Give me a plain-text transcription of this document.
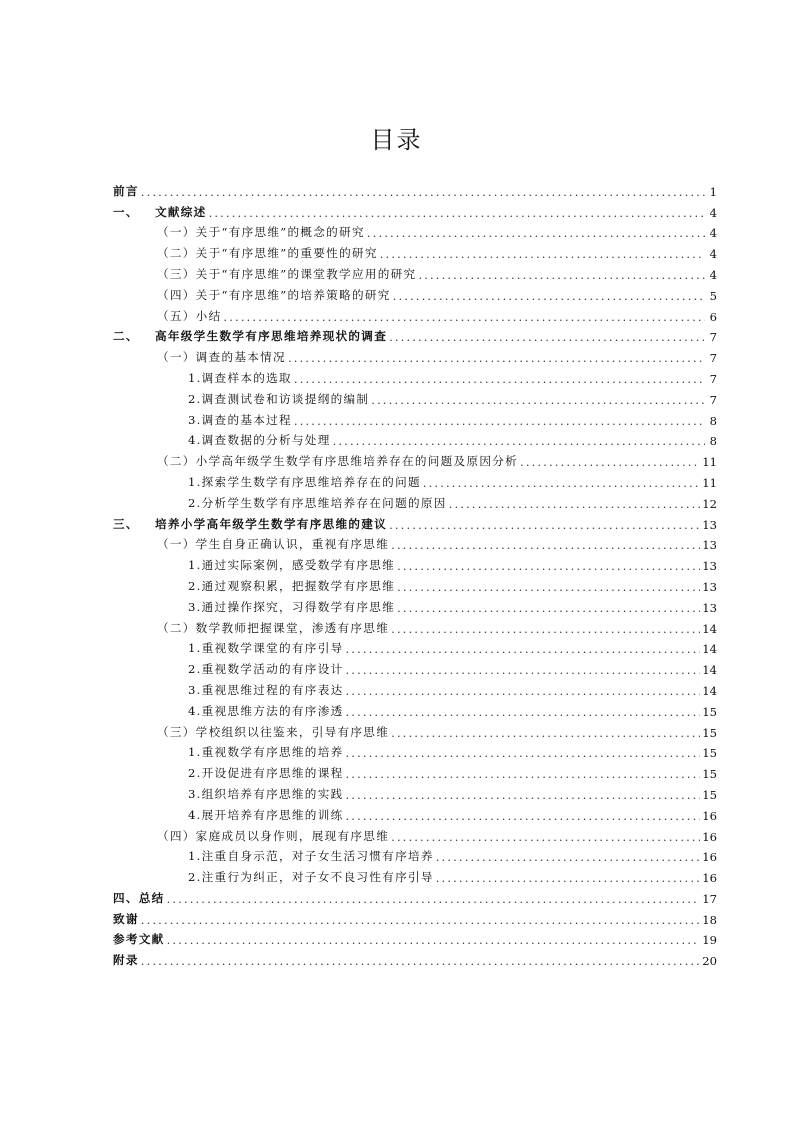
目录
前言 .....	1
一、 文献综述 .....	4
（一）关于“有序思维”的概念的研究 .....	4
（二）关于“有序思维”的重要性的研究 .....	4
（三）关于“有序思维”的课堂教学应用的研究 .....	4
（四）关于“有序思维”的培养策略的研究 .....	5
（五）小结 .....	6
二、 高年级学生数学有序思维培养现状的调查 .....	7
（一）调查的基本情况 .....	7
1.调查样本的选取 .....	7
2.调查测试卷和访谈提纲的编制 .....	7
3.调查的基本过程 .....	8
4.调查数据的分析与处理 .....	8
（二）小学高年级学生数学有序思维培养存在的问题及原因分析 .....	11
1.探索学生数学有序思维培养存在的问题 .....	11
2.分析学生数学有序思维培养存在问题的原因 .....	12
三、 培养小学高年级学生数学有序思维的建议 .....	13
（一）学生自身正确认识，重视有序思维 .....	13
1.通过实际案例，感受数学有序思维 .....	13
2.通过观察积累，把握数学有序思维 .....	13
3.通过操作探究，习得数学有序思维 .....	13
（二）数学教师把握课堂，渗透有序思维 .....	14
1.重视数学课堂的有序引导 .....	14
2.重视数学活动的有序设计 .....	14
3.重视思维过程的有序表达 .....	14
4.重视思维方法的有序渗透 .....	15
（三）学校组织以往鉴来，引导有序思维 .....	15
1.重视数学有序思维的培养 .....	15
2.开设促进有序思维的课程 .....	15
3.组织培养有序思维的实践 .....	15
4.展开培养有序思维的训练 .....	16
（四）家庭成员以身作则，展现有序思维 .....	16
1.注重自身示范，对子女生活习惯有序培养 .....	16
2.注重行为纠正，对子女不良习性有序引导 .....	16
四、总结 .....	17
致谢 .....	18
参考文献 .....	19
附录 .....	20
